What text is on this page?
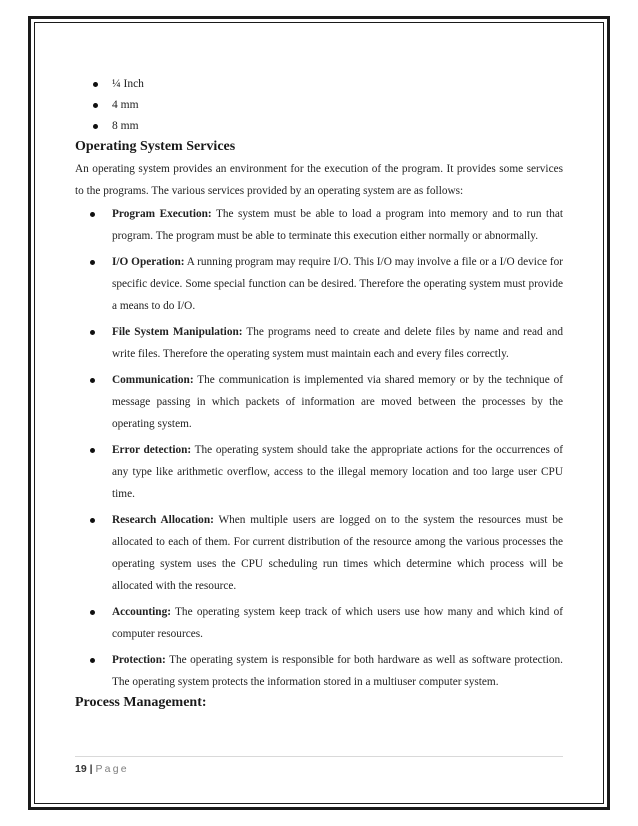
¼ Inch
4 mm
8 mm
Operating System Services

An operating system provides an environment for the execution of the program. It provides some services to the programs. The various services provided by an operating system are as follows:

Program Execution: The system must be able to load a program into memory and to run that program. The program must be able to terminate this execution either normally or abnormally.
I/O Operation: A running program may require I/O. This I/O may involve a file or a I/O device for specific device. Some special function can be desired. Therefore the operating system must provide a means to do I/O.
File System Manipulation: The programs need to create and delete files by name and read and write files. Therefore the operating system must maintain each and every files correctly.
Communication: The communication is implemented via shared memory or by the technique of message passing in which packets of information are moved between the processes by the operating system.
Error detection: The operating system should take the appropriate actions for the occurrences of any type like arithmetic overflow, access to the illegal memory location and too large user CPU time.
Research Allocation: When multiple users are logged on to the system the resources must be allocated to each of them. For current distribution of the resource among the various processes the operating system uses the CPU scheduling run times which determine which process will be allocated with the resource.
Accounting: The operating system keep track of which users use how many and which kind of computer resources.
Protection: The operating system is responsible for both hardware as well as software protection. The operating system protects the information stored in a multiuser computer system.
Process Management:
19 | Page
